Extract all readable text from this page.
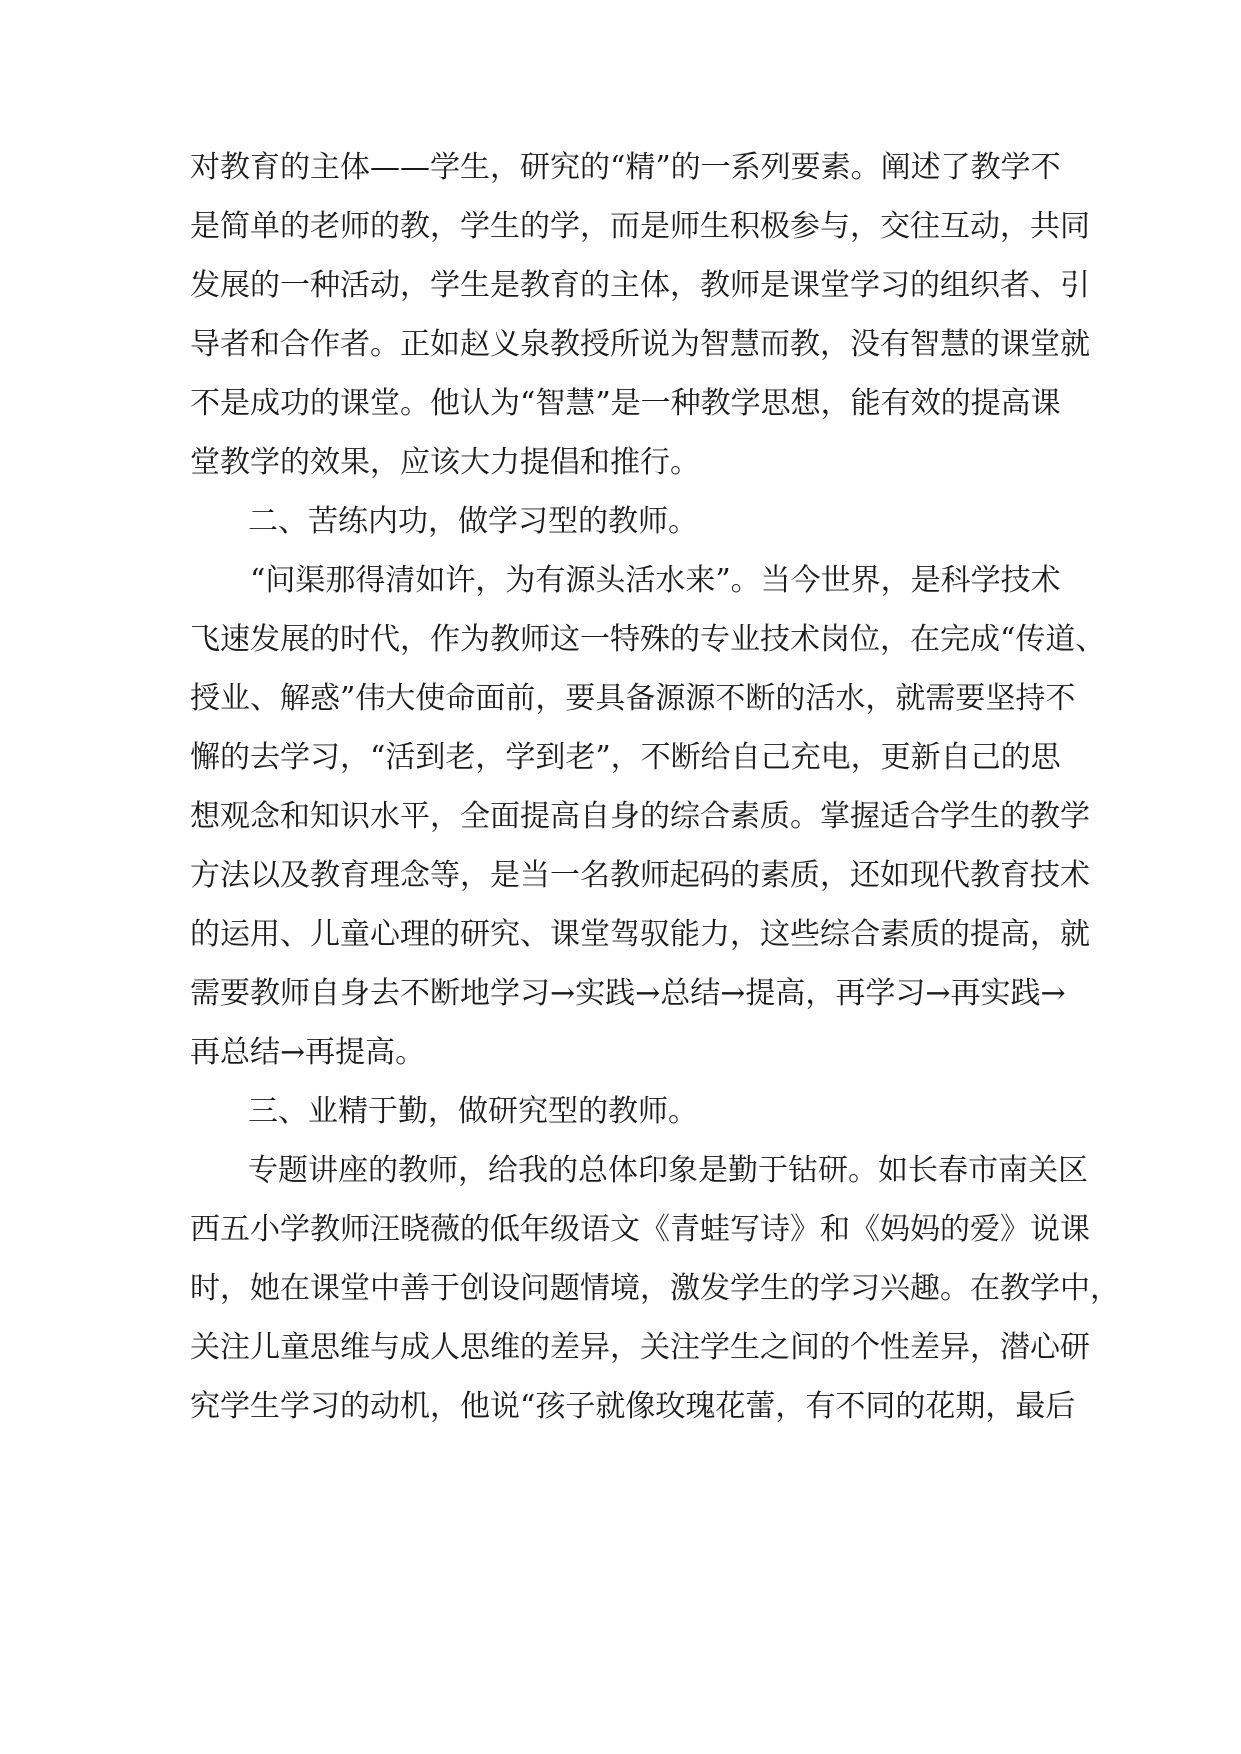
对教育的主体——学生，研究的“精”的一系列要素。阐述了教学不

是简单的老师的教，学生的学，而是师生积极参与，交往互动，共同

发展的一种活动，学生是教育的主体，教师是课堂学习的组织者、引

导者和合作者。正如赵义泉教授所说为智慧而教，没有智慧的课堂就

不是成功的课堂。他认为“智慧”是一种教学思想，能有效的提高课

堂教学的效果，应该大力提倡和推行。

二、苦练内功，做学习型的教师。

“问渠那得清如许，为有源头活水来”。当今世界，是科学技术

飞速发展的时代，作为教师这一特殊的专业技术岗位，在完成“传道、

授业、解惑”伟大使命面前，要具备源源不断的活水，就需要坚持不

懈的去学习，“活到老，学到老”，不断给自己充电，更新自己的思

想观念和知识水平，全面提高自身的综合素质。掌握适合学生的教学

方法以及教育理念等，是当一名教师起码的素质，还如现代教育技术

的运用、儿童心理的研究、课堂驾驭能力，这些综合素质的提高，就

需要教师自身去不断地学习→实践→总结→提高，再学习→再实践→

再总结→再提高。

三、业精于勤，做研究型的教师。

专题讲座的教师，给我的总体印象是勤于钻研。如长春市南关区

西五小学教师汪晓薇的低年级语文《青蛙写诗》和《妈妈的爱》说课

时，她在课堂中善于创设问题情境，激发学生的学习兴趣。在教学中，

关注儿童思维与成人思维的差异，关注学生之间的个性差异，潜心研

究学生学习的动机，他说“孩子就像玫瑰花蕾，有不同的花期，最后
